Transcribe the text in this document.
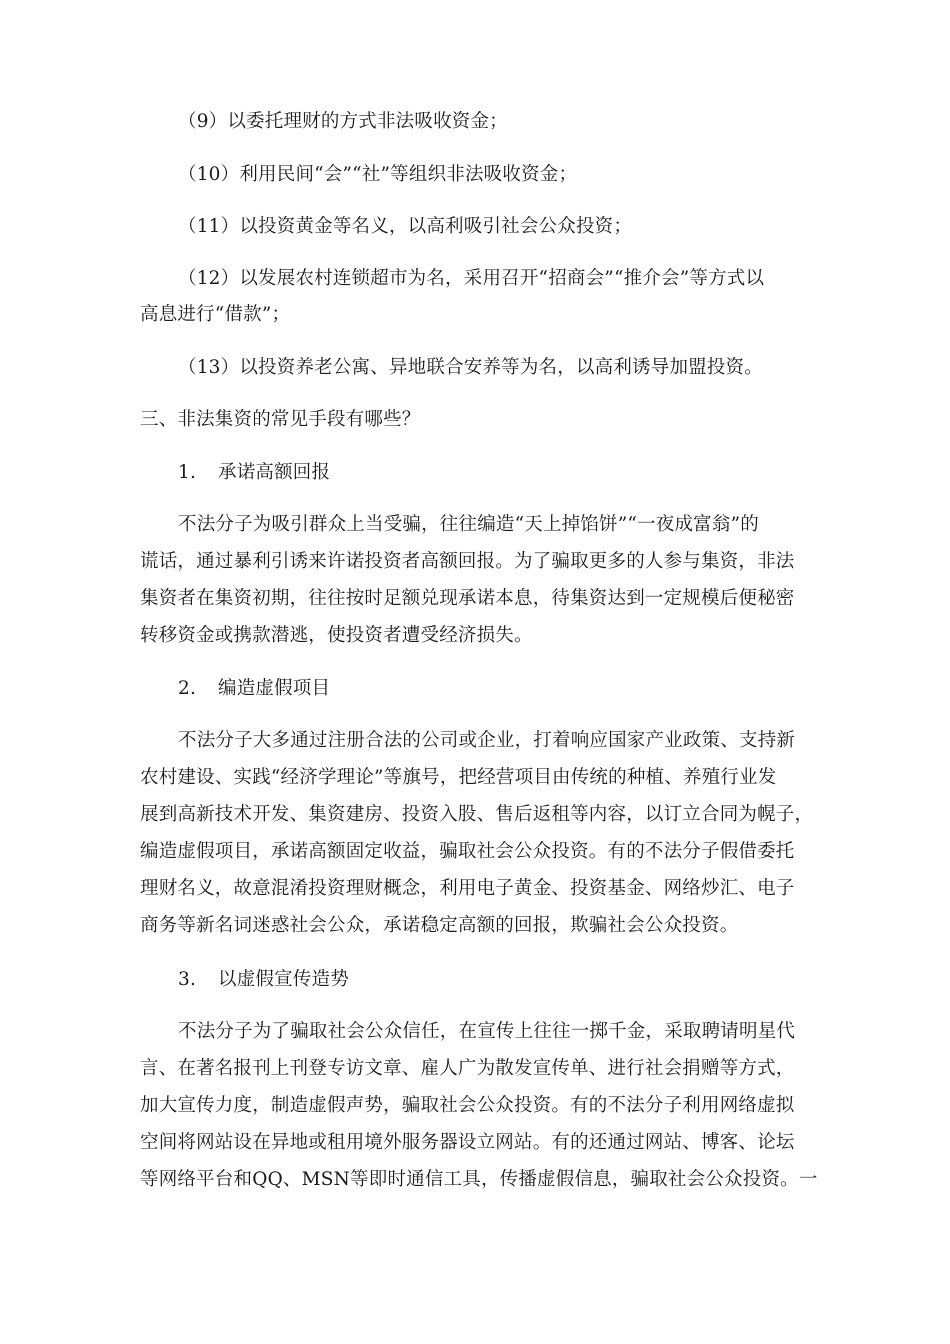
（9）以委托理财的方式非法吸收资金；
（10）利用民间“会”“社”等组织非法吸收资金；
（11）以投资黄金等名义，以高利吸引社会公众投资；
（12）以发展农村连锁超市为名，采用召开“招商会”“推介会”等方式以
高息进行“借款”；
（13）以投资养老公寓、异地联合安养等为名，以高利诱导加盟投资。
三、非法集资的常见手段有哪些？
1. 承诺高额回报
不法分子为吸引群众上当受骗，往往编造“天上掉馅饼”“一夜成富翁”的
谎话，通过暴利引诱来许诺投资者高额回报。为了骗取更多的人参与集资，非法
集资者在集资初期，往往按时足额兑现承诺本息，待集资达到一定规模后便秘密
转移资金或携款潜逃，使投资者遭受经济损失。
2. 编造虚假项目
不法分子大多通过注册合法的公司或企业，打着响应国家产业政策、支持新
农村建设、实践“经济学理论”等旗号，把经营项目由传统的种植、养殖行业发
展到高新技术开发、集资建房、投资入股、售后返租等内容，以订立合同为幌子，
编造虚假项目，承诺高额固定收益，骗取社会公众投资。有的不法分子假借委托
理财名义，故意混淆投资理财概念，利用电子黄金、投资基金、网络炒汇、电子
商务等新名词迷惑社会公众，承诺稳定高额的回报，欺骗社会公众投资。
3. 以虚假宣传造势
不法分子为了骗取社会公众信任，在宣传上往往一掷千金，采取聘请明星代
言、在著名报刊上刊登专访文章、雇人广为散发宣传单、进行社会捐赠等方式，
加大宣传力度，制造虚假声势，骗取社会公众投资。有的不法分子利用网络虚拟
空间将网站设在异地或租用境外服务器设立网站。有的还通过网站、博客、论坛
等网络平台和QQ、MSN等即时通信工具，传播虚假信息，骗取社会公众投资。一
